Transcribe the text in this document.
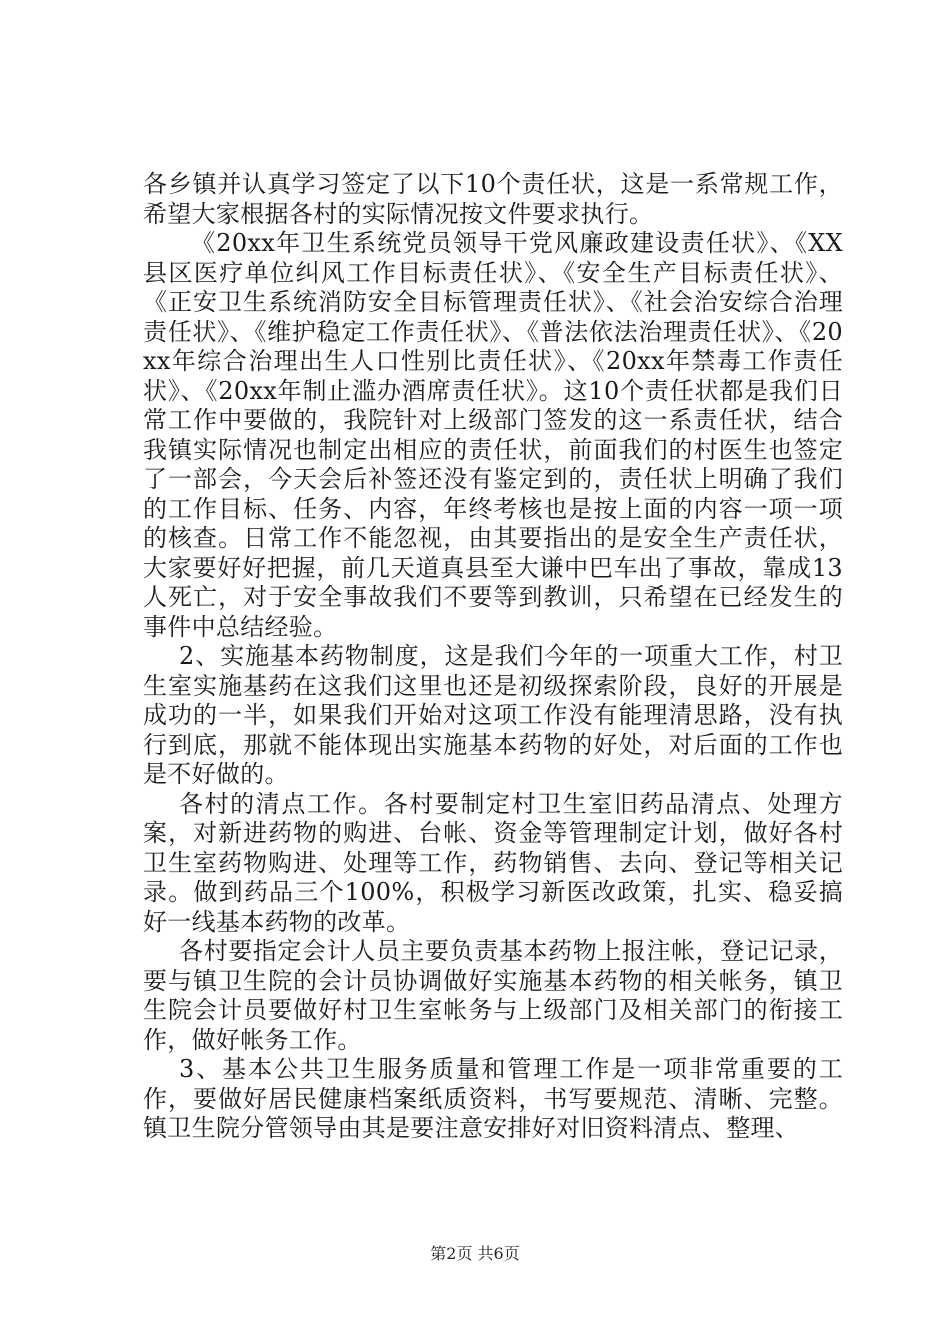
各乡镇并认真学习签定了以下10个责任状，这是一系常规工作，希望大家根据各村的实际情况按文件要求执行。

《20xx年卫生系统党员领导干党风廉政建设责任状》、《XX县区医疗单位纠风工作目标责任状》、《安全生产目标责任状》、《正安卫生系统消防安全目标管理责任状》、《社会治安综合治理责任状》、《维护稳定工作责任状》、《普法依法治理责任状》、《20xx年综合治理出生人口性别比责任状》、《20xx年禁毒工作责任状》、《20xx年制止滥办酒席责任状》。这10个责任状都是我们日常工作中要做的，我院针对上级部门签发的这一系责任状，结合我镇实际情况也制定出相应的责任状，前面我们的村医生也签定了一部会，今天会后补签还没有鉴定到的，责任状上明确了我们的工作目标、任务、内容，年终考核也是按上面的内容一项一项的核查。日常工作不能忽视，由其要指出的是安全生产责任状，大家要好好把握，前几天道真县至大谦中巴车出了事故，靠成13人死亡，对于安全事故我们不要等到教训，只希望在已经发生的事件中总结经验。

2、实施基本药物制度，这是我们今年的一项重大工作，村卫生室实施基药在这我们这里也还是初级探索阶段，良好的开展是成功的一半，如果我们开始对这项工作没有能理清思路，没有执行到底，那就不能体现出实施基本药物的好处，对后面的工作也是不好做的。

各村的清点工作。各村要制定村卫生室旧药品清点、处理方案，对新进药物的购进、台帐、资金等管理制定计划，做好各村卫生室药物购进、处理等工作，药物销售、去向、登记等相关记录。做到药品三个100%，积极学习新医改政策，扎实、稳妥搞好一线基本药物的改革。

各村要指定会计人员主要负责基本药物上报注帐，登记记录，要与镇卫生院的会计员协调做好实施基本药物的相关帐务，镇卫生院会计员要做好村卫生室帐务与上级部门及相关部门的衔接工作，做好帐务工作。

3、基本公共卫生服务质量和管理工作是一项非常重要的工作，要做好居民健康档案纸质资料，书写要规范、清晰、完整。镇卫生院分管领导由其是要注意安排好对旧资料清点、整理、

第2页 共6页
